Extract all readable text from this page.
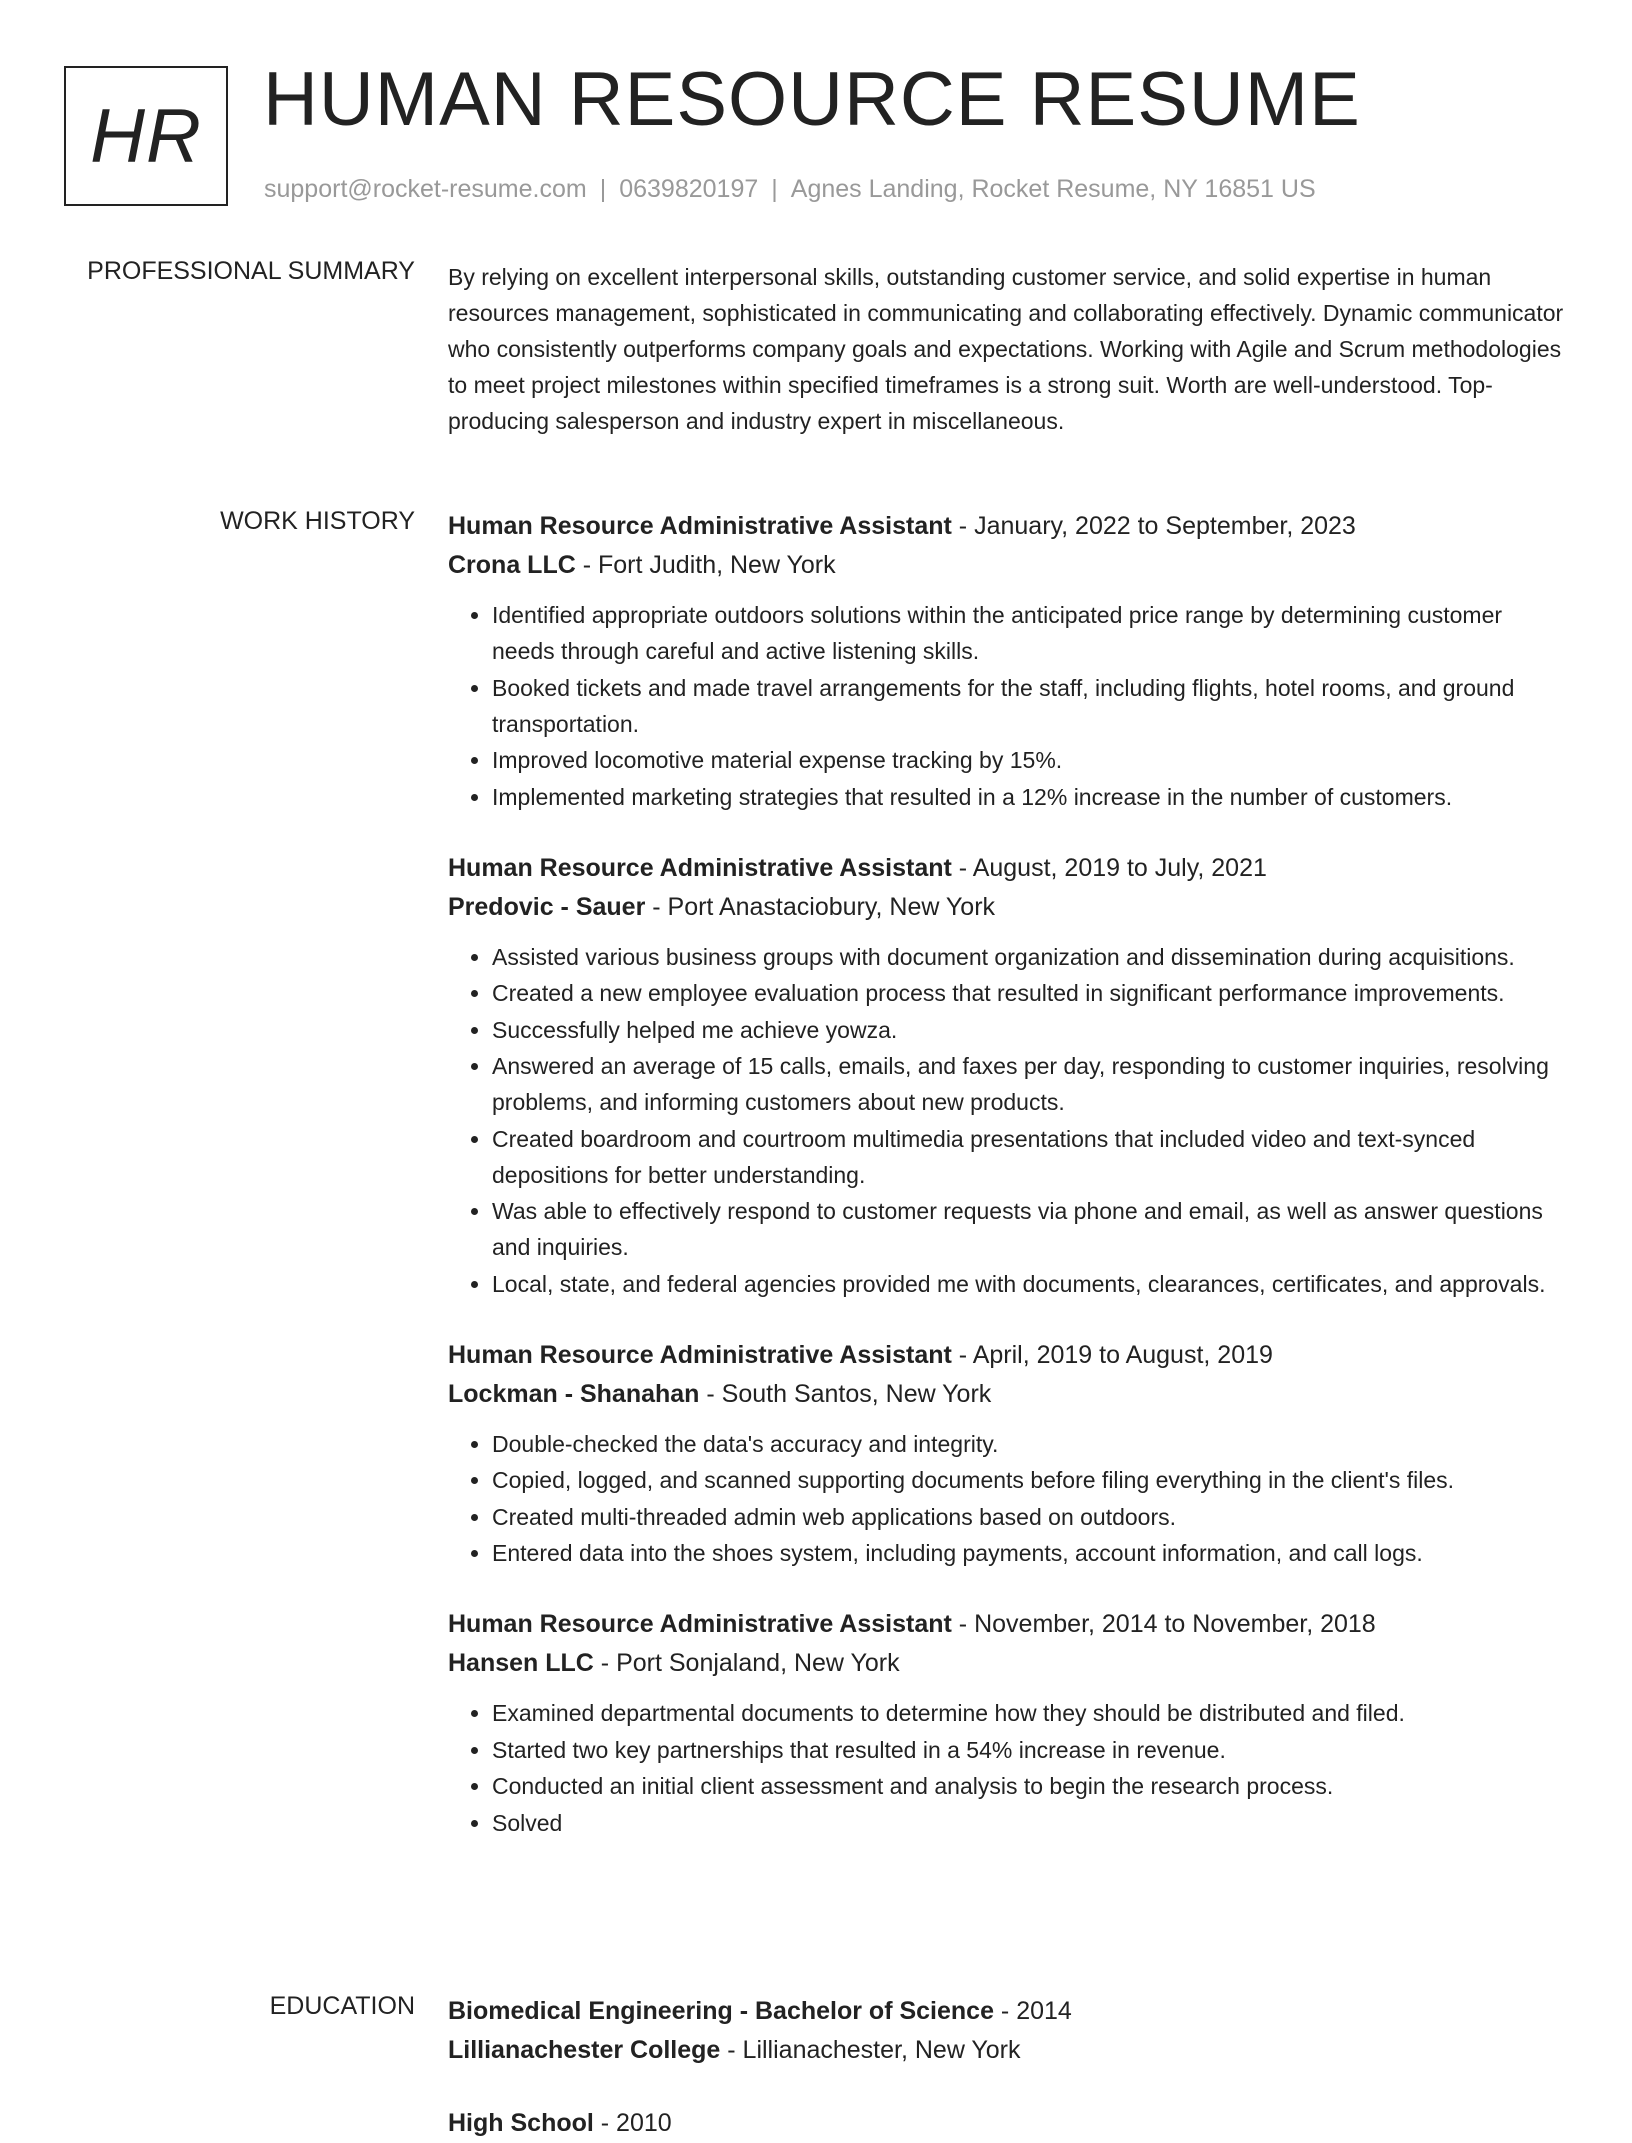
HR HUMAN RESOURCE RESUME
support@rocket-resume.com | 0639820197 | Agnes Landing, Rocket Resume, NY 16851 US
PROFESSIONAL SUMMARY By relying on excellent interpersonal skills, outstanding customer service, and solid expertise in human resources management, sophisticated in communicating and collaborating effectively. Dynamic communicator who consistently outperforms company goals and expectations. Working with Agile and Scrum methodologies to meet project milestones within specified timeframes is a strong suit. Worth are well-understood. Top-producing salesperson and industry expert in miscellaneous.

WORK HISTORY Human Resource Administrative Assistant - January, 2022 to September, 2023

Crona LLC - Fort Judith, New York

• Identified appropriate outdoors solutions within the anticipated price range by determining customer needs through careful and active listening skills.
• Booked tickets and made travel arrangements for the staff, including flights, hotel rooms, and ground transportation.
• Improved locomotive material expense tracking by 15%.
• Implemented marketing strategies that resulted in a 12% increase in the number of customers.

Human Resource Administrative Assistant - August, 2019 to July, 2021

Predovic - Sauer - Port Anastaciobury, New York

• Assisted various business groups with document organization and dissemination during acquisitions.
• Created a new employee evaluation process that resulted in significant performance improvements.
• Successfully helped me achieve yowza.
• Answered an average of 15 calls, emails, and faxes per day, responding to customer inquiries, resolving problems, and informing customers about new products.
• Created boardroom and courtroom multimedia presentations that included video and text-synced depositions for better understanding.
• Was able to effectively respond to customer requests via phone and email, as well as answer questions and inquiries.
• Local, state, and federal agencies provided me with documents, clearances, certificates, and approvals.

Human Resource Administrative Assistant - April, 2019 to August, 2019

Lockman - Shanahan - South Santos, New York

• Double-checked the data's accuracy and integrity.
• Copied, logged, and scanned supporting documents before filing everything in the client's files.
• Created multi-threaded admin web applications based on outdoors.
• Entered data into the shoes system, including payments, account information, and call logs.

Human Resource Administrative Assistant - November, 2014 to November, 2018

Hansen LLC - Port Sonjaland, New York

• Examined departmental documents to determine how they should be distributed and filed.
• Started two key partnerships that resulted in a 54% increase in revenue.
• Conducted an initial client assessment and analysis to begin the research process.
• Solved
EDUCATION Biomedical Engineering - Bachelor of Science - 2014

Lillianachester College - Lillianachester, New York

High School - 2010
